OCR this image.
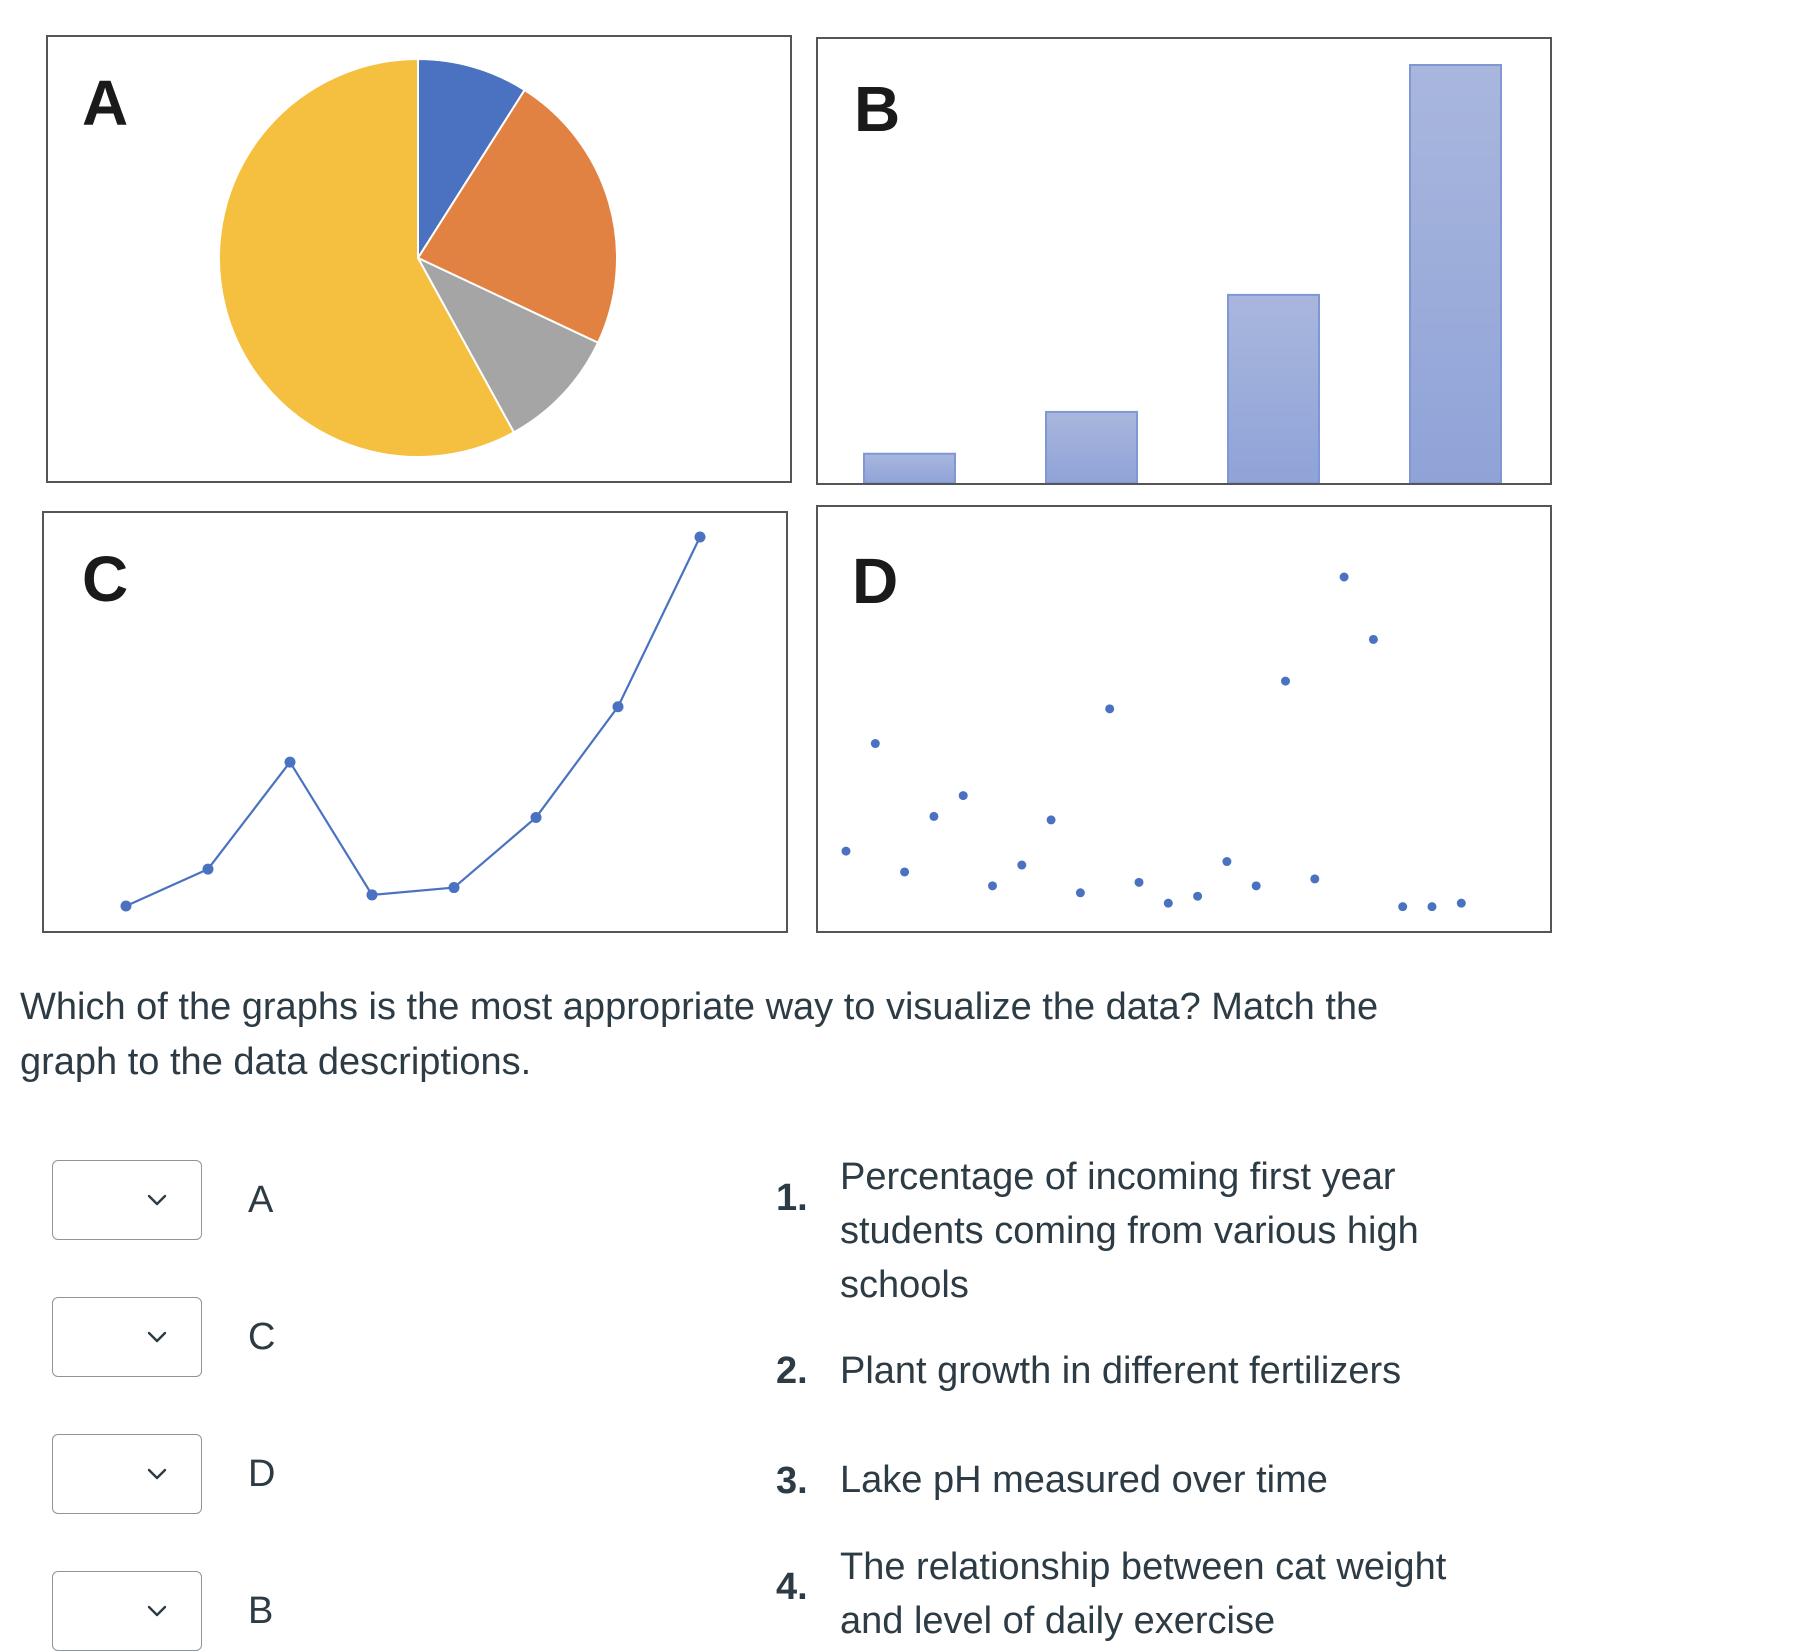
A	B
C	D
Which of the graphs is the most appropriate way to visualize the data? Match the graph to the data descriptions.
A
C
D
B
1. Percentage of incoming first year students coming from various high schools
2. Plant growth in different fertilizers
3. Lake pH measured over time
4. The relationship between cat weight and level of daily exercise
